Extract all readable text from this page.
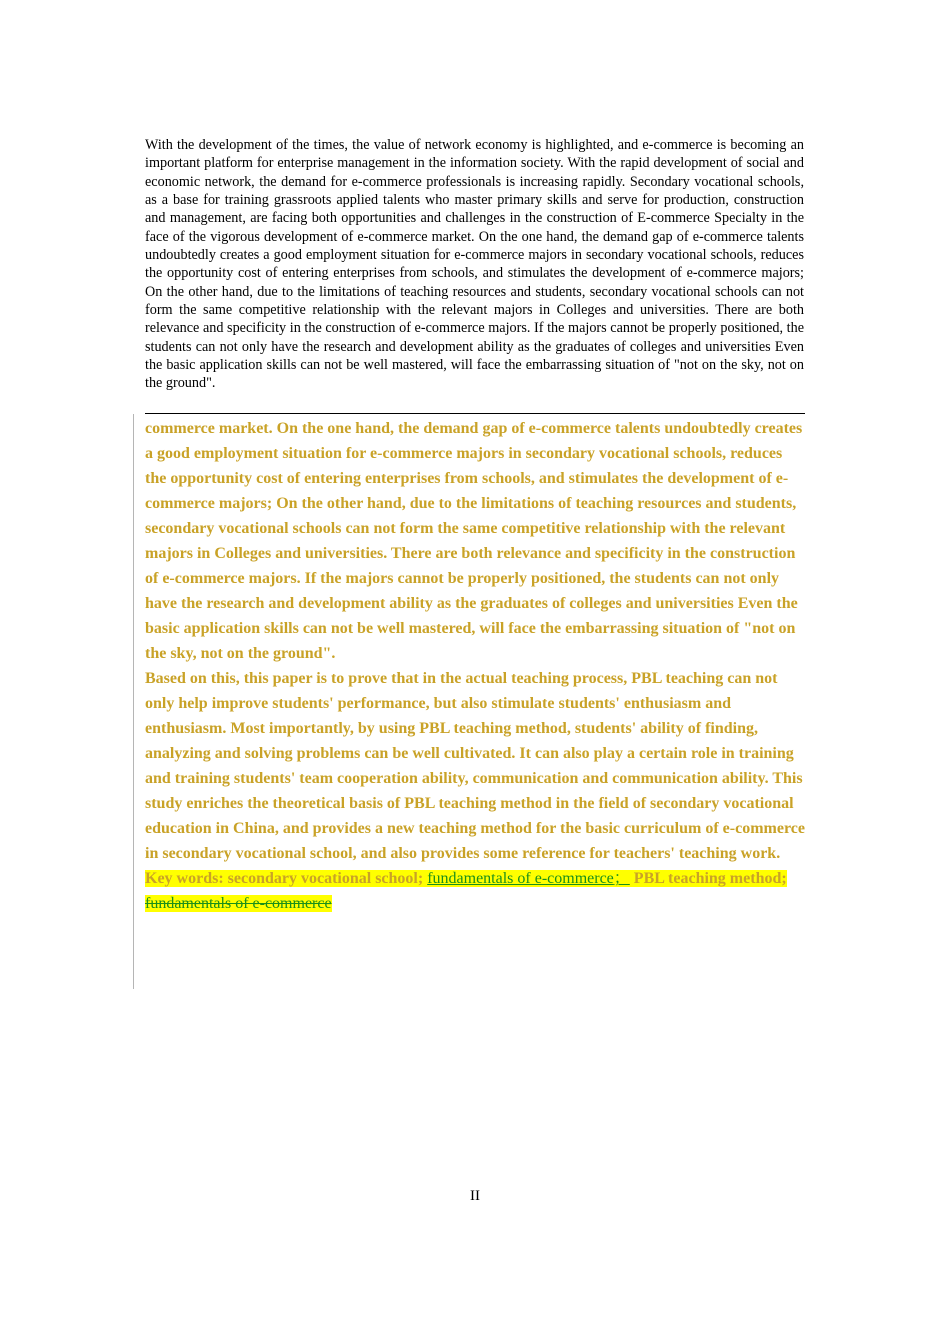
With the development of the times, the value of network economy is highlighted, and e-commerce is becoming an important platform for enterprise management in the information society. With the rapid development of social and economic network, the demand for e-commerce professionals is increasing rapidly. Secondary vocational schools, as a base for training grassroots applied talents who master primary skills and serve for production, construction and management, are facing both opportunities and challenges in the construction of E-commerce Specialty in the face of the vigorous development of e-commerce market. On the one hand, the demand gap of e-commerce talents undoubtedly creates a good employment situation for e-commerce majors in secondary vocational schools, reduces the opportunity cost of entering enterprises from schools, and stimulates the development of e-commerce majors; On the other hand, due to the limitations of teaching resources and students, secondary vocational schools can not form the same competitive relationship with the relevant majors in Colleges and universities. There are both relevance and specificity in the construction of e-commerce majors. If the majors cannot be properly positioned, the students can not only have the research and development ability as the graduates of colleges and universities Even the basic application skills can not be well mastered, will face the embarrassing situation of "not on the sky, not on the ground".

commerce market. On the one hand, the demand gap of e-commerce talents undoubtedly creates a good employment situation for e-commerce majors in secondary vocational schools, reduces the opportunity cost of entering enterprises from schools, and stimulates the development of e-commerce majors; On the other hand, due to the limitations of teaching resources and students, secondary vocational schools can not form the same competitive relationship with the relevant majors in Colleges and universities. There are both relevance and specificity in the construction of e-commerce majors. If the majors cannot be properly positioned, the students can not only have the research and development ability as the graduates of colleges and universities Even the basic application skills can not be well mastered, will face the embarrassing situation of "not on the sky, not on the ground".

Based on this, this paper is to prove that in the actual teaching process, PBL teaching can not only help improve students' performance, but also stimulate students' enthusiasm and enthusiasm. Most importantly, by using PBL teaching method, students' ability of finding, analyzing and solving problems can be well cultivated. It can also play a certain role in training and training students' team cooperation ability, communication and communication ability. This study enriches the theoretical basis of PBL teaching method in the field of secondary vocational education in China, and provides a new teaching method for the basic curriculum of e-commerce in secondary vocational school, and also provides some reference for teachers' teaching work.

Key words: secondary vocational school; fundamentals of e-commerce； PBL teaching method; fundamentals of e-commerce

II
